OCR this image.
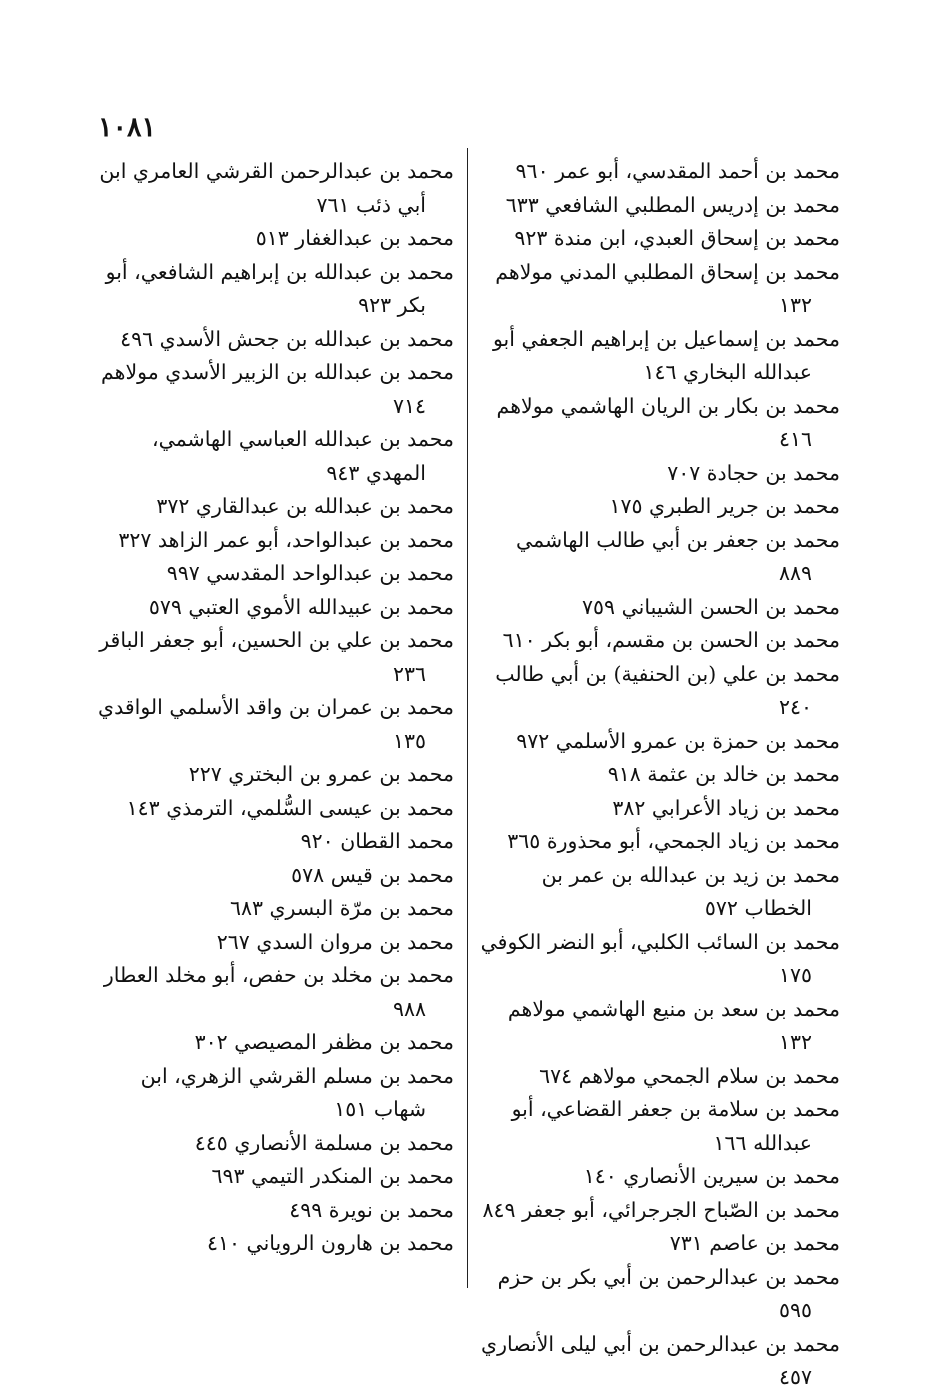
١٠٨١

محمد بن أحمد المقدسي، أبو عمر ٩٦٠

محمد بن إدريس المطلبي الشافعي ٦٣٣

محمد بن إسحاق العبدي، ابن مندة ٩٢٣

محمد بن إسحاق المطلبي المدني مولاهم ١٣٢

محمد بن إسماعيل بن إبراهيم الجعفي أبو عبدالله البخاري ١٤٦

محمد بن بكار بن الريان الهاشمي مولاهم ٤١٦

محمد بن حجادة ٧٠٧

محمد بن جرير الطبري ١٧٥

محمد بن جعفر بن أبي طالب الهاشمي ٨٨٩

محمد بن الحسن الشيباني ٧٥٩

محمد بن الحسن بن مقسم، أبو بكر ٦١٠

محمد بن علي (بن الحنفية) بن أبي طالب ٢٤٠

محمد بن حمزة بن عمرو الأسلمي ٩٧٢

محمد بن خالد بن عثمة ٩١٨

محمد بن زياد الأعرابي ٣٨٢

محمد بن زياد الجمحي، أبو محذورة ٣٦٥

محمد بن زيد بن عبدالله بن عمر بن الخطاب ٥٧٢

محمد بن السائب الكلبي، أبو النضر الكوفي ١٧٥

محمد بن سعد بن منيع الهاشمي مولاهم ١٣٢

محمد بن سلام الجمحي مولاهم ٦٧٤

محمد بن سلامة بن جعفر القضاعي، أبو عبدالله ١٦٦

محمد بن سيرين الأنصاري ١٤٠

محمد بن الصّباح الجرجرائي، أبو جعفر ٨٤٩

محمد بن عاصم ٧٣١

محمد بن عبدالرحمن بن أبي بكر بن حزم ٥٩٥

محمد بن عبدالرحمن بن أبي ليلى الأنصاري ٤٥٧

محمد بن عبدالرحمن القرشي العامري ابن أبي ذئب ٧٦١

محمد بن عبدالغفار ٥١٣

محمد بن عبدالله بن إبراهيم الشافعي، أبو بكر ٩٢٣

محمد بن عبدالله بن جحش الأسدي ٤٩٦

محمد بن عبدالله بن الزبير الأسدي مولاهم ٧١٤

محمد بن عبدالله العباسي الهاشمي، المهدي ٩٤٣

محمد بن عبدالله بن عبدالقاري ٣٧٢

محمد بن عبدالواحد، أبو عمر الزاهد ٣٢٧

محمد بن عبدالواحد المقدسي ٩٩٧

محمد بن عبيدالله الأموي العتبي ٥٧٩

محمد بن علي بن الحسين، أبو جعفر الباقر ٢٣٦

محمد بن عمران بن واقد الأسلمي الواقدي ١٣٥

محمد بن عمرو بن البختري ٢٢٧

محمد بن عيسى السُّلمي، الترمذي ١٤٣

محمد القطان ٩٢٠

محمد بن قيس ٥٧٨

محمد بن مرّة البسري ٦٨٣

محمد بن مروان السدي ٢٦٧

محمد بن مخلد بن حفص، أبو مخلد العطار ٩٨٨

محمد بن مظفر المصيصي ٣٠٢

محمد بن مسلم القرشي الزهري، ابن شهاب ١٥١

محمد بن مسلمة الأنصاري ٤٤٥

محمد بن المنكدر التيمي ٦٩٣

محمد بن نويرة ٤٩٩

محمد بن هارون الروياني ٤١٠
